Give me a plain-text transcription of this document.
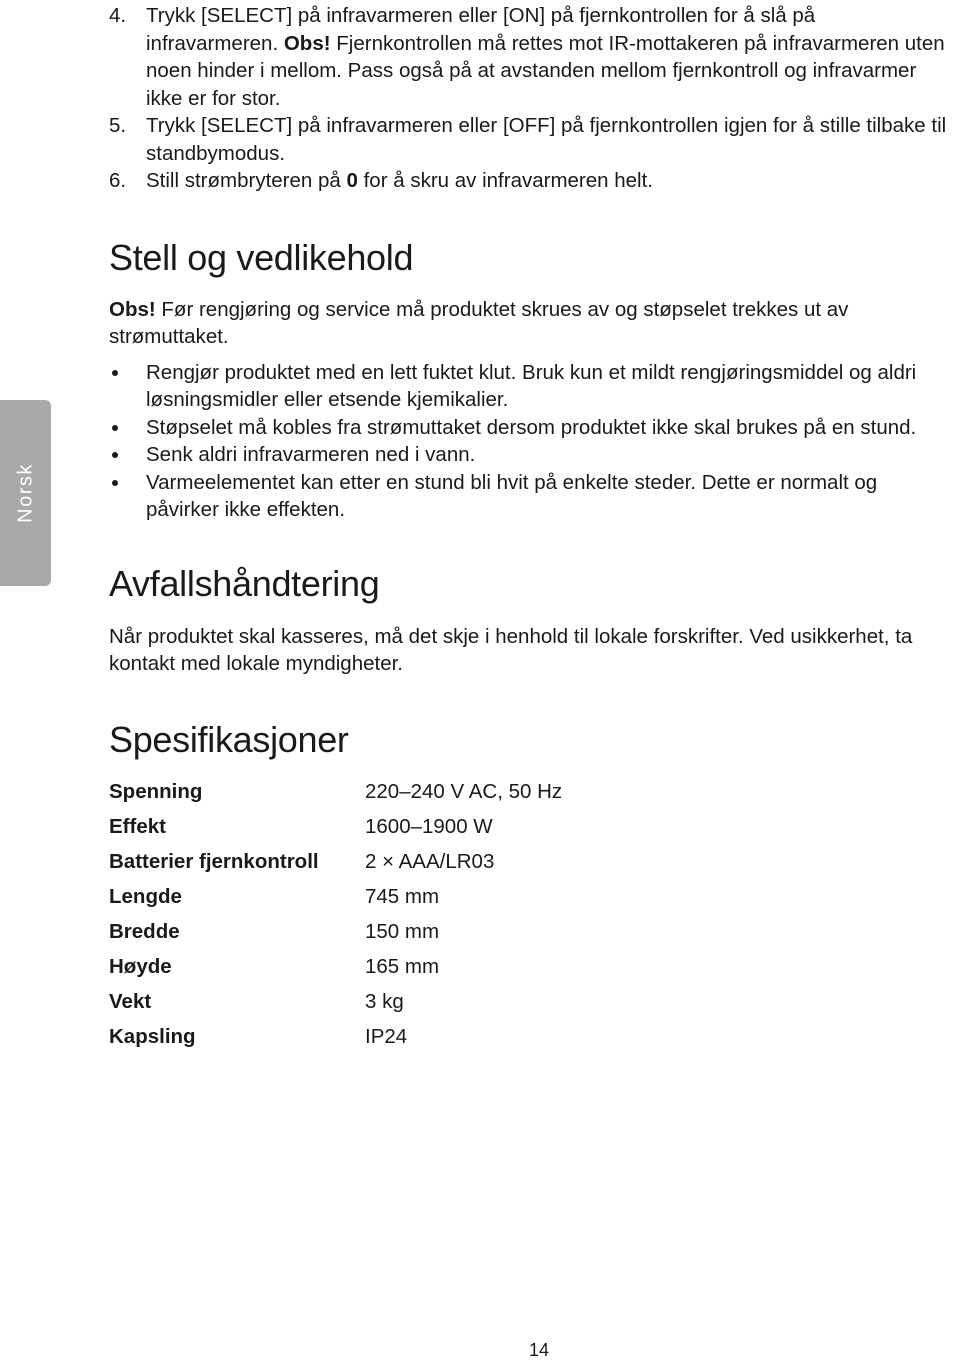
Norsk
4. Trykk [SELECT] på infravarmeren eller [ON] på fjernkontrollen for å slå på infravarmeren. Obs! Fjernkontrollen må rettes mot IR-mottakeren på infravarmeren uten noen hinder i mellom. Pass også på at avstanden mellom fjernkontroll og infravarmer ikke er for stor.
5. Trykk [SELECT] på infravarmeren eller [OFF] på fjernkontrollen igjen for å stille tilbake til standbymodus.
6. Still strømbryteren på 0 for å skru av infravarmeren helt.
Stell og vedlikehold

Obs! Før rengjøring og service må produktet skrues av og støpselet trekkes ut av strømuttaket.

Rengjør produktet med en lett fuktet klut. Bruk kun et mildt rengjøringsmiddel og aldri løsningsmidler eller etsende kjemikalier.
Støpselet må kobles fra strømuttaket dersom produktet ikke skal brukes på en stund.
Senk aldri infravarmeren ned i vann.
Varmeelementet kan etter en stund bli hvit på enkelte steder. Dette er normalt og påvirker ikke effekten.
Avfallshåndtering

Når produktet skal kasseres, må det skje i henhold til lokale forskrifter. Ved usikkerhet, ta kontakt med lokale myndigheter.

Spesifikasjoner
Spenning	220–240 V AC, 50 Hz
Effekt	1600–1900 W
Batterier fjernkontroll	2 × AAA/LR03
Lengde	745 mm
Bredde	150 mm
Høyde	165 mm
Vekt	3 kg
Kapsling	IP24
14
